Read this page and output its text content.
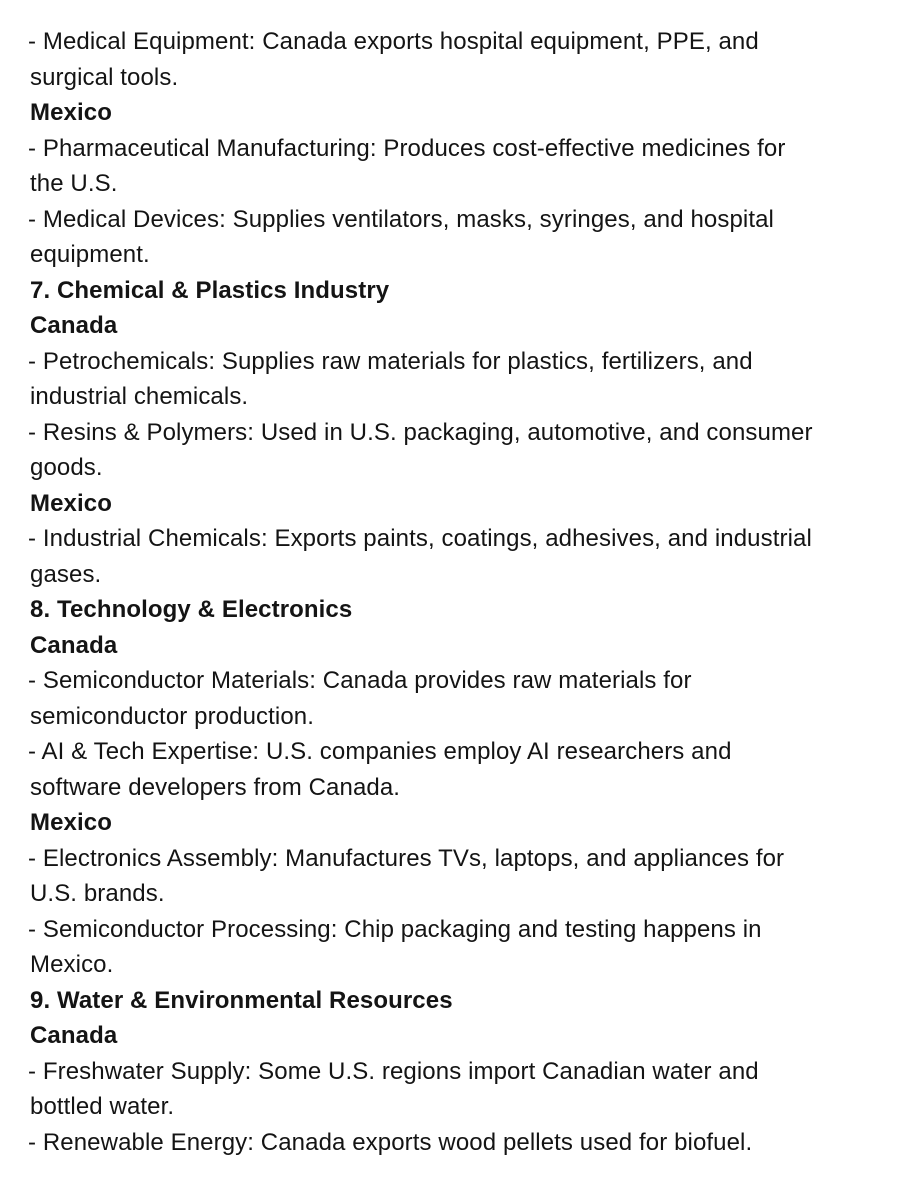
- Medical Equipment: Canada exports hospital equipment, PPE, and
surgical tools.
Mexico
- Pharmaceutical Manufacturing: Produces cost-effective medicines for
the U.S.
- Medical Devices: Supplies ventilators, masks, syringes, and hospital
equipment.
7. Chemical & Plastics Industry
Canada
- Petrochemicals: Supplies raw materials for plastics, fertilizers, and
industrial chemicals.
- Resins & Polymers: Used in U.S. packaging, automotive, and consumer
goods.
Mexico
- Industrial Chemicals: Exports paints, coatings, adhesives, and industrial
gases.
8. Technology & Electronics
Canada
- Semiconductor Materials: Canada provides raw materials for
semiconductor production.
- AI & Tech Expertise: U.S. companies employ AI researchers and
software developers from Canada.
Mexico
- Electronics Assembly: Manufactures TVs, laptops, and appliances for
U.S. brands.
- Semiconductor Processing: Chip packaging and testing happens in
Mexico.
9. Water & Environmental Resources
Canada
- Freshwater Supply: Some U.S. regions import Canadian water and
bottled water.
- Renewable Energy: Canada exports wood pellets used for biofuel.
